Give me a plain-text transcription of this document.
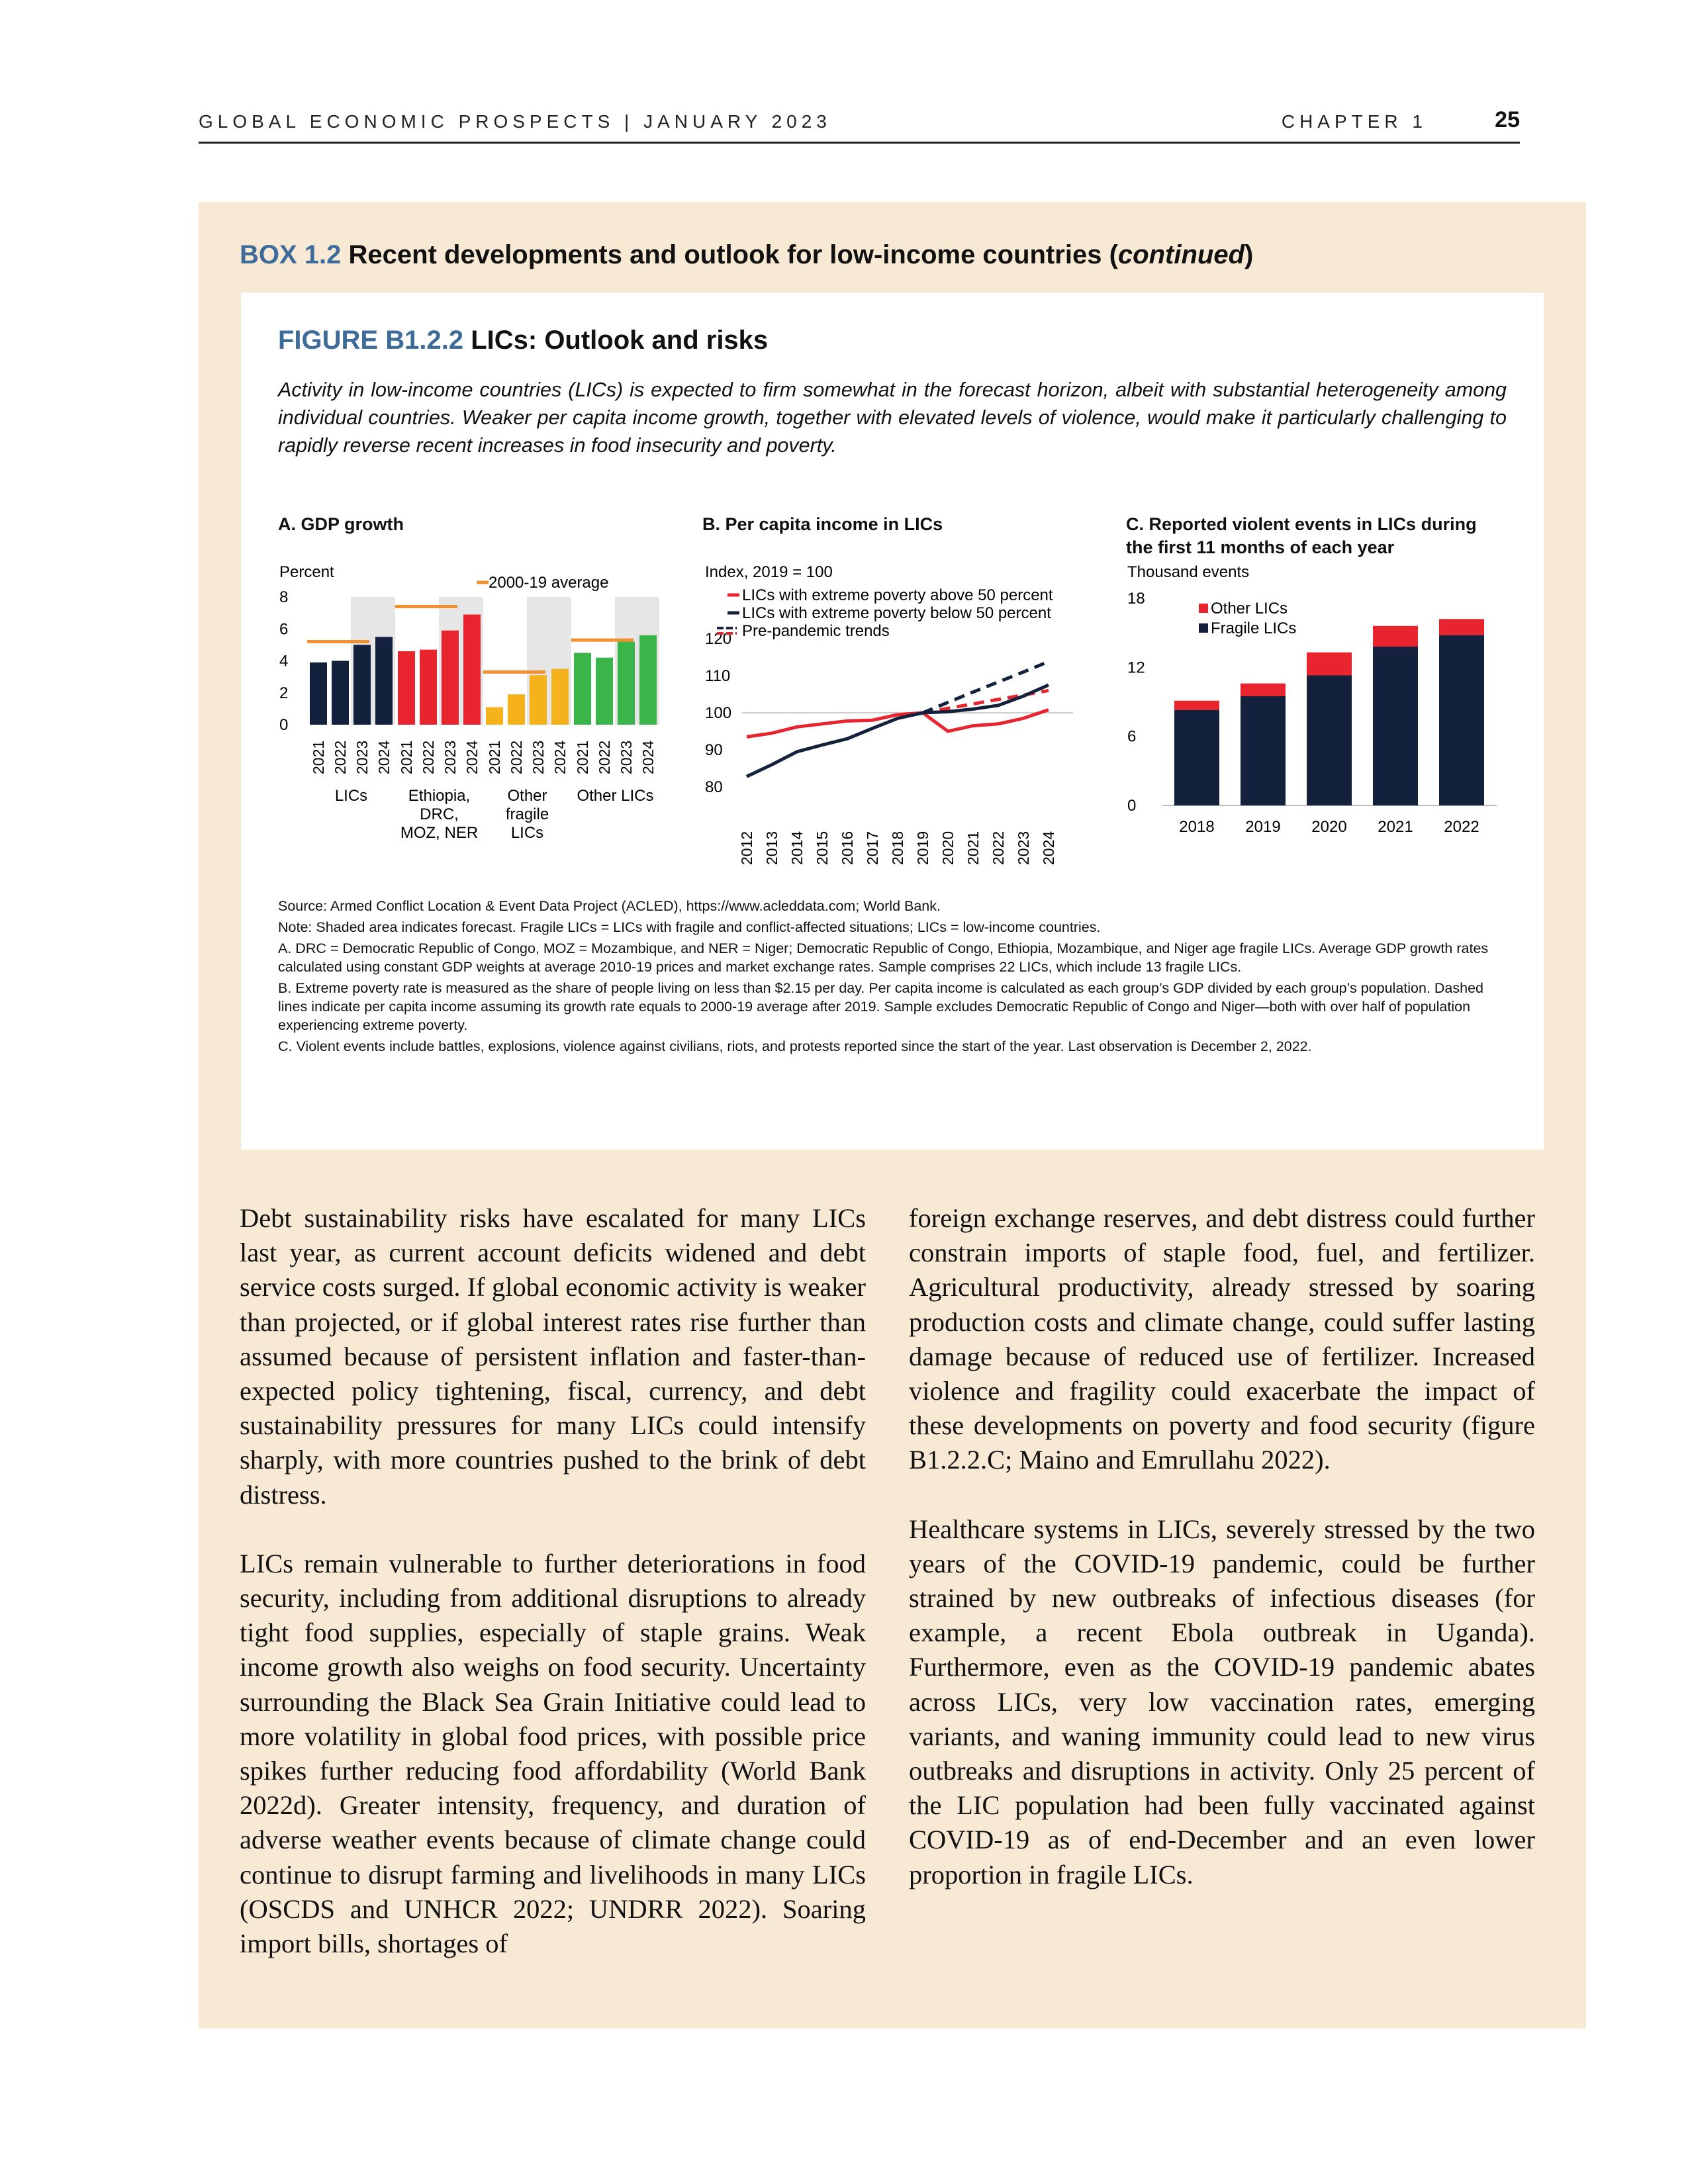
GLOBAL ECONOMIC PROSPECTS | JANUARY 2023	CHAPTER 1	25
BOX 1.2 Recent developments and outlook for low-income countries (continued)
FIGURE B1.2.2 LICs: Outlook and risks
Activity in low-income countries (LICs) is expected to firm somewhat in the forecast horizon, albeit with substantial heterogeneity among individual countries. Weaker per capita income growth, together with elevated levels of violence, would make it particularly challenging to rapidly reverse recent increases in food insecurity and poverty.
A. GDP growth	B. Per capita income in LICs	C. Reported violent events in LICs during
the first 11 months of each year
Percent
0
2
4
6
8
2021 2022 2023 2024
LICs
2021 2022 2023 2024
Ethiopia,
DRC,
MOZ, NER
2021 2022 2023 2024
Other
fragile
LICs
2021 2022 2023 2024
Other LICs
2000-19 average
Index, 2019 = 100
80
90
100
110
120
2012 2013 2014 2015 2016 2017 2018 2019 2020 2021 2022 2023 2024
LICs with extreme poverty above 50 percent
LICs with extreme poverty below 50 percent
Pre-pandemic trends
Thousand events
0
6
12
18
2018 2019 2020 2021 2022
Other LICs
Fragile LICs

Source: Armed Conflict Location & Event Data Project (ACLED), https://www.acleddata.com; World Bank.

Note: Shaded area indicates forecast. Fragile LICs = LICs with fragile and conflict-affected situations; LICs = low-income countries.

A. DRC = Democratic Republic of Congo, MOZ = Mozambique, and NER = Niger; Democratic Republic of Congo, Ethiopia, Mozambique, and Niger age fragile LICs. Average GDP growth rates calculated using constant GDP weights at average 2010-19 prices and market exchange rates. Sample comprises 22 LICs, which include 13 fragile LICs.

B. Extreme poverty rate is measured as the share of people living on less than $2.15 per day. Per capita income is calculated as each group’s GDP divided by each group’s population. Dashed lines indicate per capita income assuming its growth rate equals to 2000-19 average after 2019. Sample excludes Democratic Republic of Congo and Niger—both with over half of population experiencing extreme poverty.

C. Violent events include battles, explosions, violence against civilians, riots, and protests reported since the start of the year. Last observation is December 2, 2022.

Debt sustainability risks have escalated for many LICs last year, as current account deficits widened and debt service costs surged. If global economic activity is weaker than projected, or if global interest rates rise further than assumed because of persistent inflation and faster-than-expected policy tightening, fiscal, currency, and debt sustainability pressures for many LICs could intensify sharply, with more countries pushed to the brink of debt distress.

LICs remain vulnerable to further deteriorations in food security, including from additional disruptions to already tight food supplies, especially of staple grains. Weak income growth also weighs on food security. Uncertainty surrounding the Black Sea Grain Initiative could lead to more volatility in global food prices, with possible price spikes further reducing food affordability (World Bank 2022d). Greater intensity, frequency, and duration of adverse weather events because of climate change could continue to disrupt farming and livelihoods in many LICs (OSCDS and UNHCR 2022; UNDRR 2022). Soaring import bills, shortages of

foreign exchange reserves, and debt distress could further constrain imports of staple food, fuel, and fertilizer. Agricultural productivity, already stressed by soaring production costs and climate change, could suffer lasting damage because of reduced use of fertilizer. Increased violence and fragility could exacerbate the impact of these developments on poverty and food security (figure B1.2.2.C; Maino and Emrullahu 2022).

Healthcare systems in LICs, severely stressed by the two years of the COVID-19 pandemic, could be further strained by new outbreaks of infectious diseases (for example, a recent Ebola outbreak in Uganda). Furthermore, even as the COVID-19 pandemic abates across LICs, very low vaccination rates, emerging variants, and waning immunity could lead to new virus outbreaks and disruptions in activity. Only 25 percent of the LIC population had been fully vaccinated against COVID-19 as of end-December and an even lower proportion in fragile LICs.
